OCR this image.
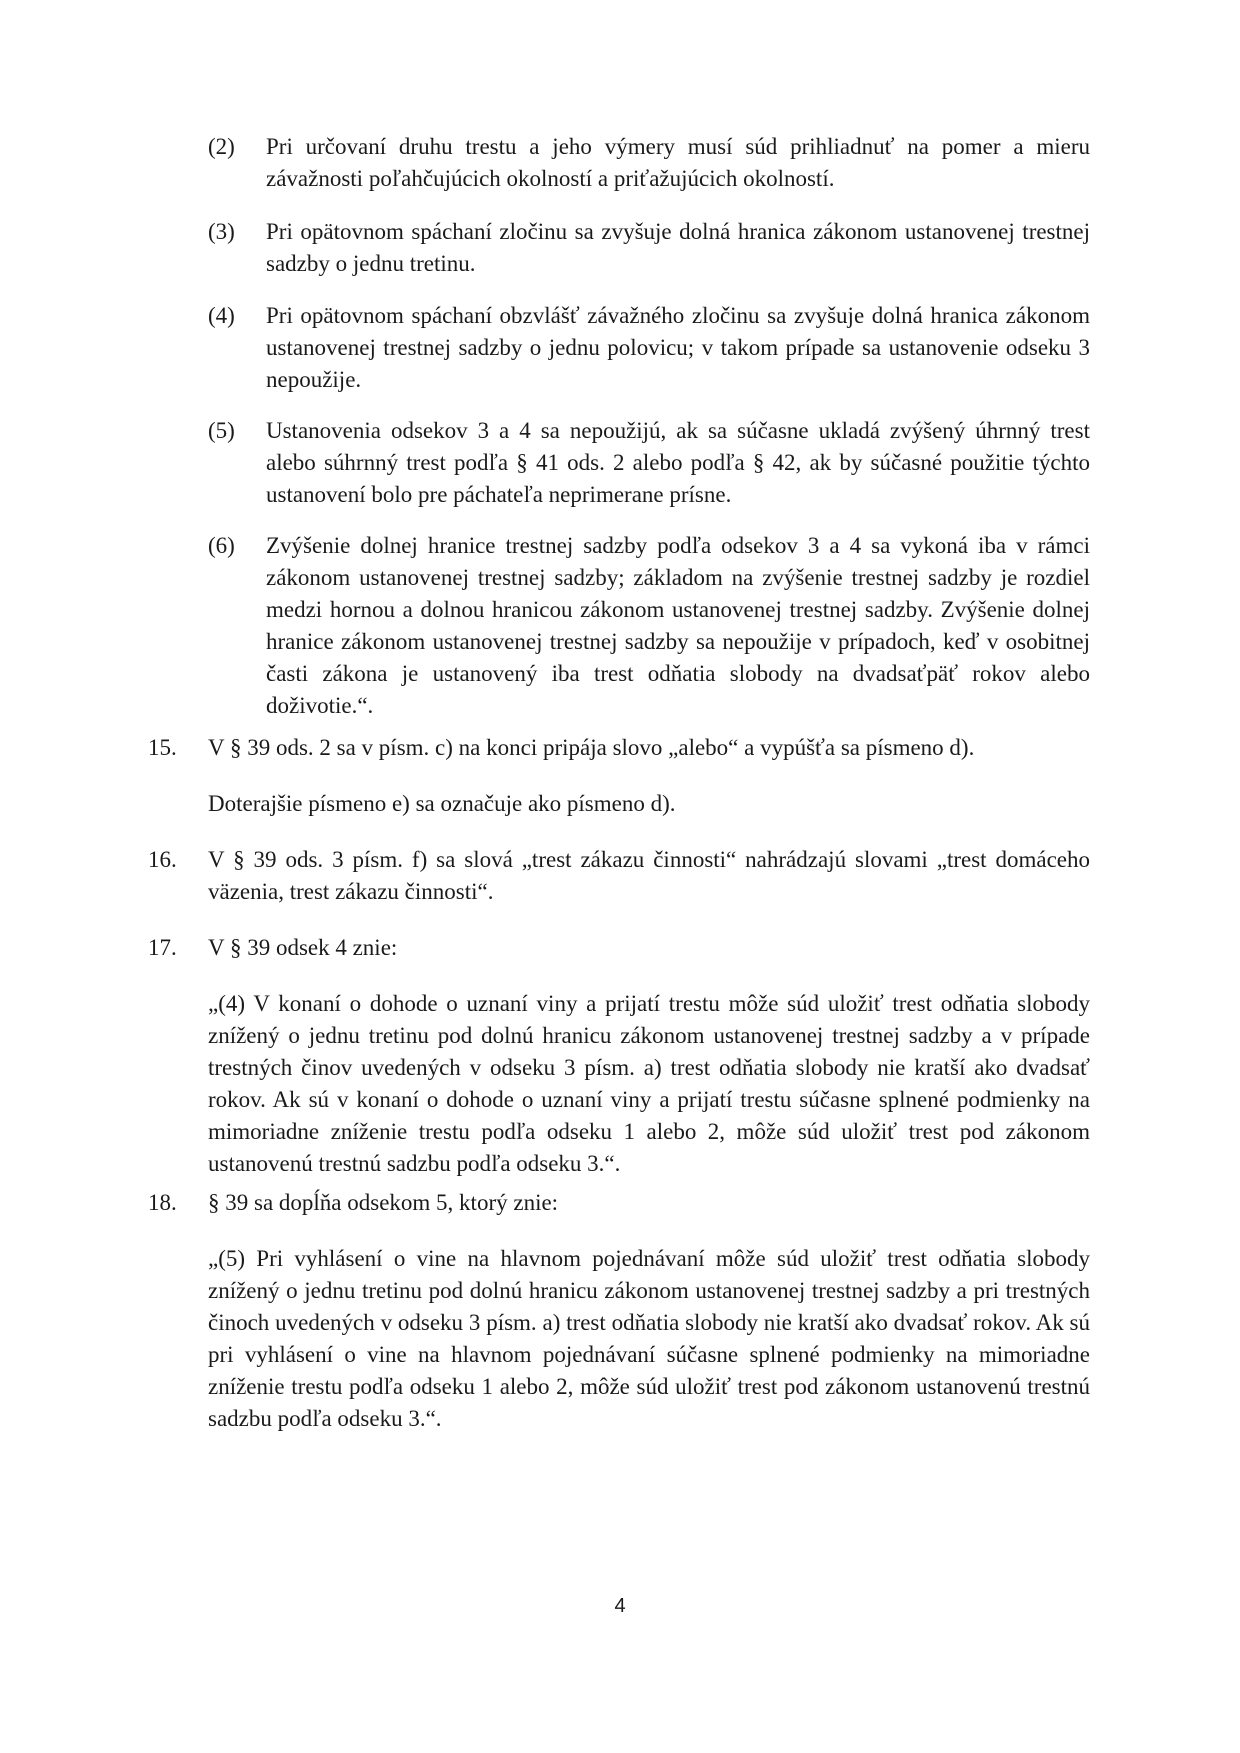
(2)	Pri určovaní druhu trestu a jeho výmery musí súd prihliadnuť na pomer a mieru závažnosti poľahčujúcich okolností a priťažujúcich okolností.
(3)	Pri opätovnom spáchaní zločinu sa zvyšuje dolná hranica zákonom ustanovenej trestnej sadzby o jednu tretinu.
(4)	Pri opätovnom spáchaní obzvlášť závažného zločinu sa zvyšuje dolná hranica zákonom ustanovenej trestnej sadzby o jednu polovicu; v takom prípade sa ustanovenie odseku 3 nepoužije.
(5)	Ustanovenia odsekov 3 a 4 sa nepoužijú, ak sa súčasne ukladá zvýšený úhrnný trest alebo súhrnný trest podľa § 41 ods. 2 alebo podľa § 42, ak by súčasné použitie týchto ustanovení bolo pre páchateľa neprimerane prísne.
(6)	Zvýšenie dolnej hranice trestnej sadzby podľa odsekov 3 a 4 sa vykoná iba v rámci zákonom ustanovenej trestnej sadzby; základom na zvýšenie trestnej sadzby je rozdiel medzi hornou a dolnou hranicou zákonom ustanovenej trestnej sadzby. Zvýšenie dolnej hranice zákonom ustanovenej trestnej sadzby sa nepoužije v prípadoch, keď v osobitnej časti zákona je ustanovený iba trest odňatia slobody na dvadsaťpäť rokov alebo doživotie.“.
15.	V § 39 ods. 2 sa v písm. c) na konci pripája slovo „alebo“ a vypúšťa sa písmeno d).
Doterajšie písmeno e) sa označuje ako písmeno d).
16.	V § 39 ods. 3 písm. f) sa slová „trest zákazu činnosti“ nahrádzajú slovami „trest domáceho väzenia, trest zákazu činnosti“.
17.	V § 39 odsek 4 znie:
„(4) V konaní o dohode o uznaní viny a prijatí trestu môže súd uložiť trest odňatia slobody znížený o jednu tretinu pod dolnú hranicu zákonom ustanovenej trestnej sadzby a v prípade trestných činov uvedených v odseku 3 písm. a) trest odňatia slobody nie kratší ako dvadsať rokov. Ak sú v konaní o dohode o uznaní viny a prijatí trestu súčasne splnené podmienky na mimoriadne zníženie trestu podľa odseku 1 alebo 2, môže súd uložiť trest pod zákonom ustanovenú trestnú sadzbu podľa odseku 3.“.
18.	§ 39 sa dopĺňa odsekom 5, ktorý znie:
„(5) Pri vyhlásení o vine na hlavnom pojednávaní môže súd uložiť trest odňatia slobody znížený o jednu tretinu pod dolnú hranicu zákonom ustanovenej trestnej sadzby a pri trestných činoch uvedených v odseku 3 písm. a) trest odňatia slobody nie kratší ako dvadsať rokov. Ak sú pri vyhlásení o vine na hlavnom pojednávaní súčasne splnené podmienky na mimoriadne zníženie trestu podľa odseku 1 alebo 2, môže súd uložiť trest pod zákonom ustanovenú trestnú sadzbu podľa odseku 3.“.
4
